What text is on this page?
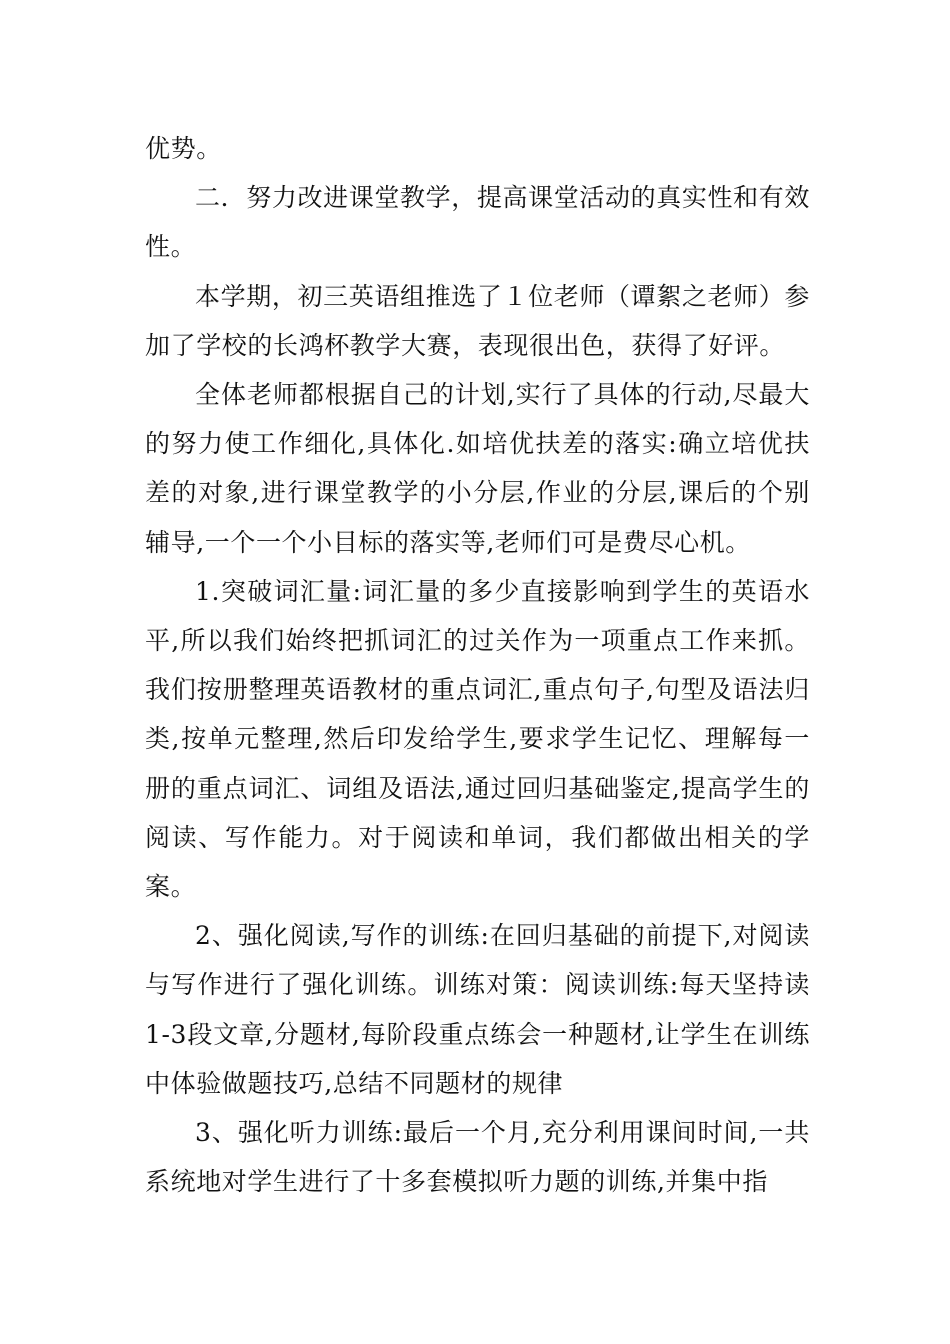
优势。

二．努力改进课堂教学，提高课堂活动的真实性和有效性。

本学期，初三英语组推选了１位老师（谭絮之老师）参加了学校的长鸿杯教学大赛，表现很出色，获得了好评。

全体老师都根据自己的计划,实行了具体的行动,尽最大的努力使工作细化,具体化.如培优扶差的落实:确立培优扶差的对象,进行课堂教学的小分层,作业的分层,课后的个别辅导,一个一个小目标的落实等,老师们可是费尽心机。

1.突破词汇量:词汇量的多少直接影响到学生的英语水平,所以我们始终把抓词汇的过关作为一项重点工作来抓。我们按册整理英语教材的重点词汇,重点句子,句型及语法归类,按单元整理,然后印发给学生,要求学生记忆、理解每一册的重点词汇、词组及语法,通过回归基础鉴定,提高学生的阅读、写作能力。对于阅读和单词，我们都做出相关的学案。

2、强化阅读,写作的训练:在回归基础的前提下,对阅读与写作进行了强化训练。训练对策：阅读训练:每天坚持读1-3段文章,分题材,每阶段重点练会一种题材,让学生在训练中体验做题技巧,总结不同题材的规律

3、强化听力训练:最后一个月,充分利用课间时间,一共系统地对学生进行了十多套模拟听力题的训练,并集中指
